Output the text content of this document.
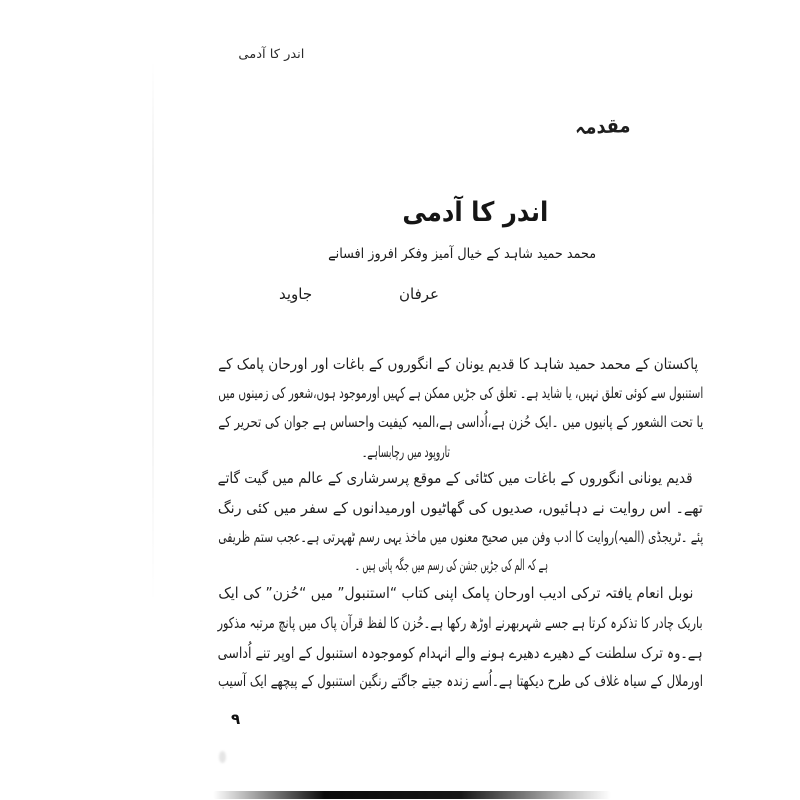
اندر کا آدمی
مقدمہ
اندر کا آدمی
محمد حمید شاہد کے خیال آمیز وفکر افروز افسانے
عرفان جاوید
پاکستان کے محمد حمید شاہد کا قدیم یونان کے انگوروں کے باغات اور اورحان پامک کے
استنبول سے کوئی تعلق نہیں، یا شاید ہے۔ تعلق کی جڑیں ممکن ہے کہیں اورموجود ہوں،شعور کی زمینوں میں
یا تحت الشعور کے پانیوں میں ۔ایک حُزن ہے،اُداسی ہے،المیہ کیفیت واحساس ہے جوان کی تحریر کے
تاروپود میں رچابساہے۔
قدیم یونانی انگوروں کے باغات میں کٹائی کے موقع پرسرشاری کے عالم میں گیت گاتے
تھے۔ اس روایت نے دہائیوں، صدیوں کی گھاٹیوں اورمیدانوں کے سفر میں کئی رنگ
پئے ۔ٹریجڈی (المیہ)روایت کا ادب وفن میں صحیح معنوں میں ماخذ یہی رسم ٹھہرتی ہے۔عجب ستم ظریفی
ہے کہ الم کی جڑیں جشن کی رسم میں جگہ پاتی ہیں ۔
نوبل انعام یافتہ ترکی ادیب اورحان پامک اپنی کتاب “استنبول” میں “حُزن” کی ایک
باریک چادر کا تذکرہ کرتا ہے جسے شہربھرنے اوڑھ رکھا ہے۔حُزن کا لفظ قرآن پاک میں پانچ مرتبہ مذکور
ہے۔وہ ترک سلطنت کے دھیرے دھیرے ہونے والے انہدام کوموجودہ استنبول کے اوپر تنے اُداسی
اورملال کے سیاہ غلاف کی طرح دیکھتا ہے۔اُسے زندہ جیتے جاگتے رنگین استنبول کے پیچھے ایک آسیب
۹
